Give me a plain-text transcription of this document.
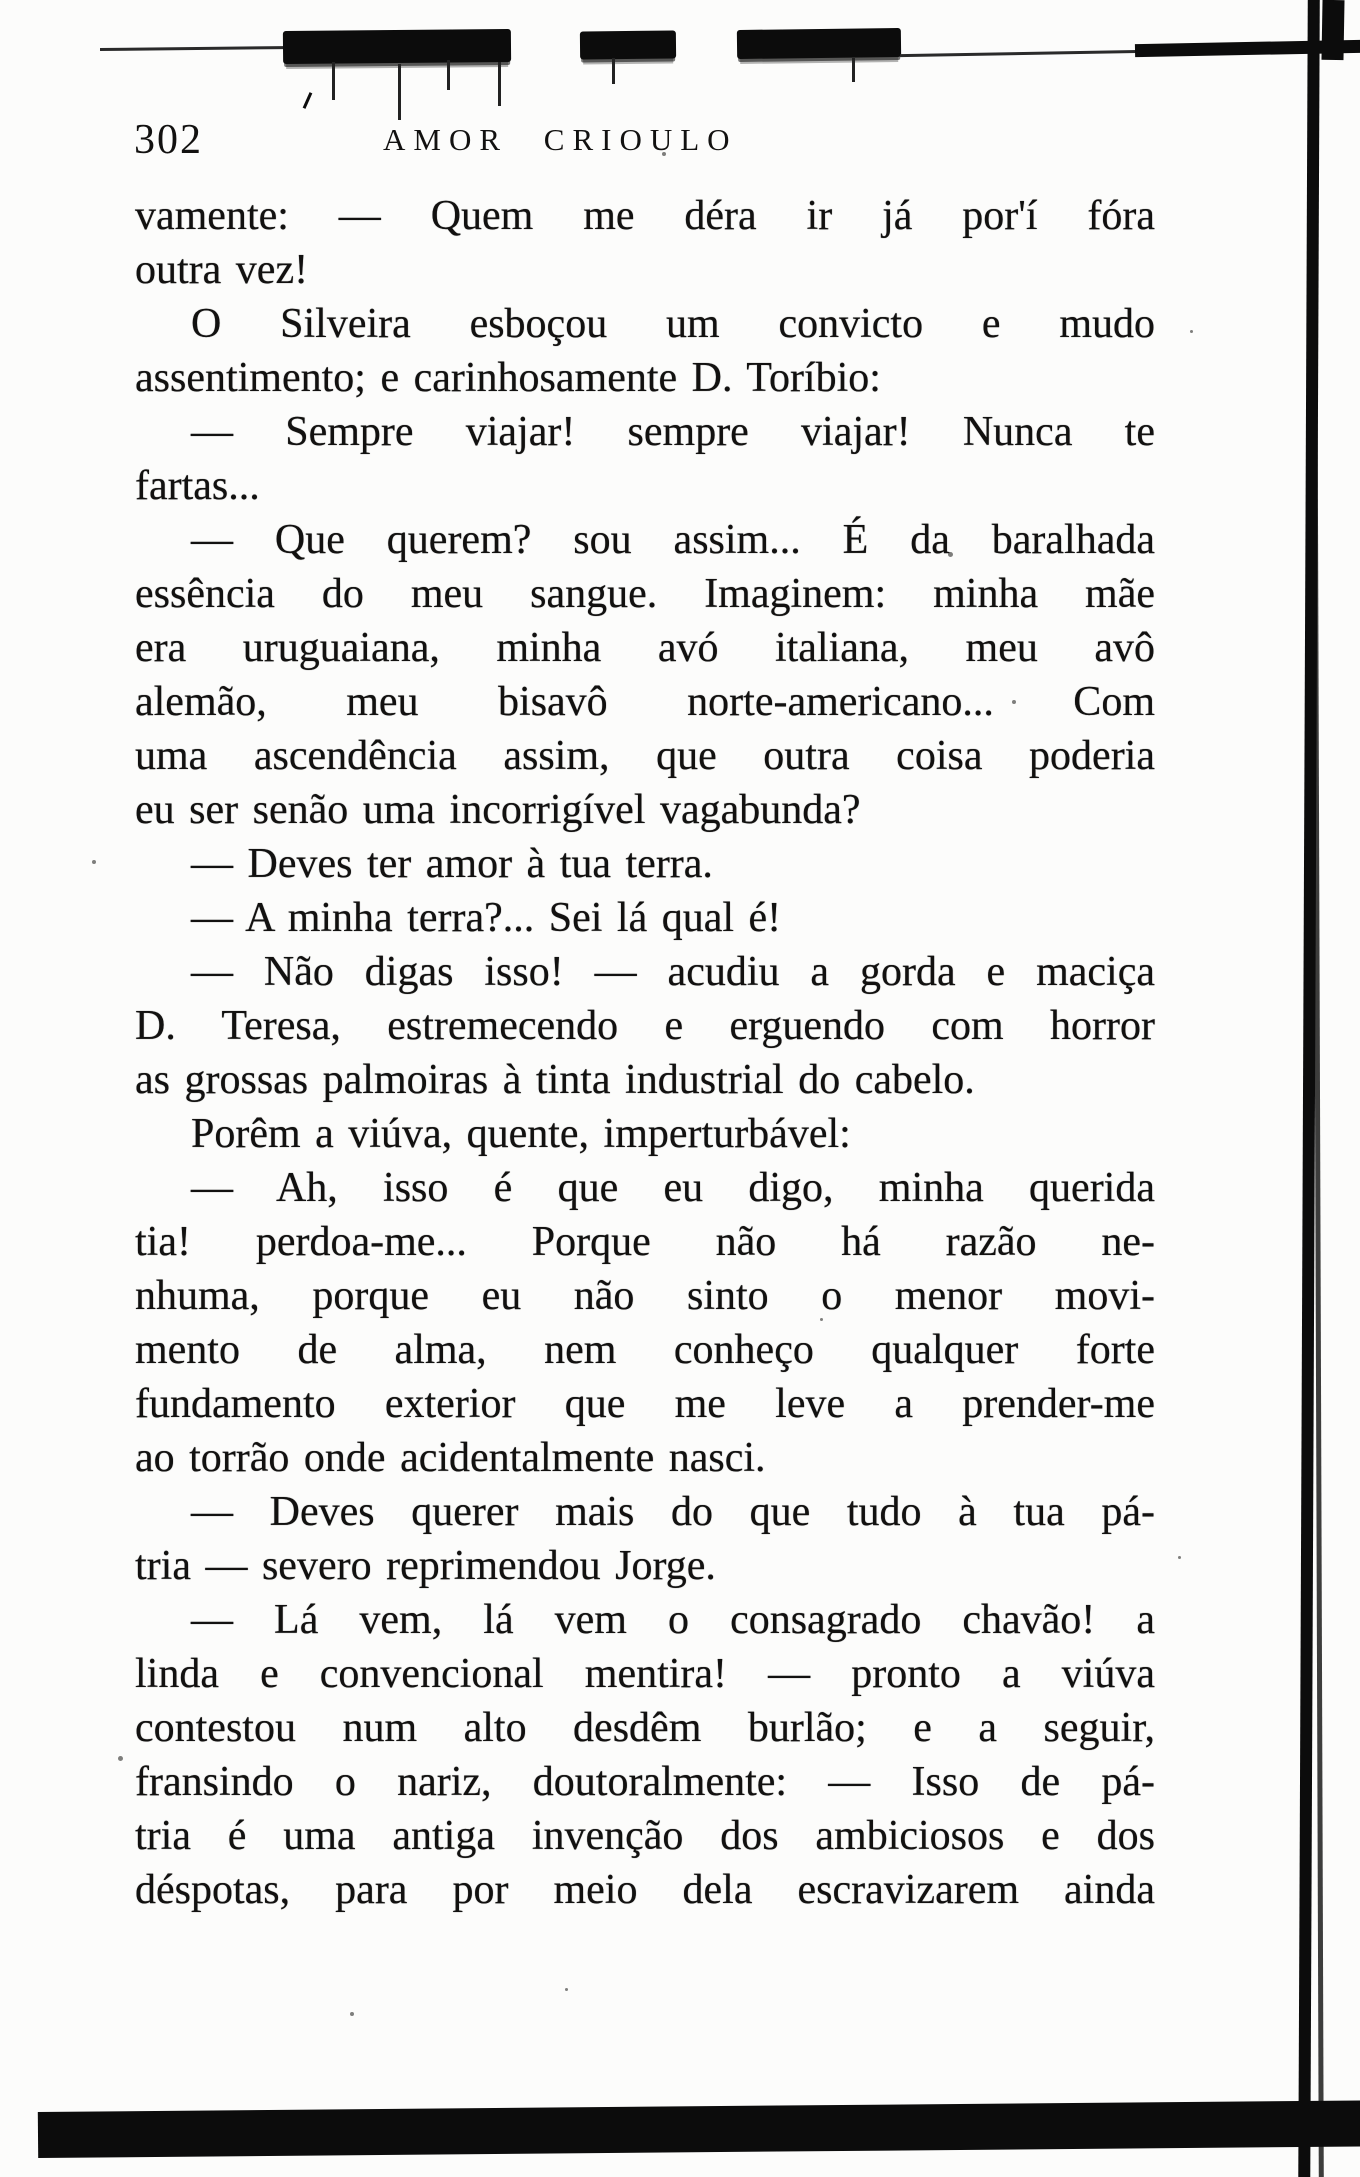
302	AMOR CRIOULO
vamente: — Quem me déra ir já por'í fóra
outra vez!
O Silveira esboçou um convicto e mudo
assentimento; e carinhosamente D. Toríbio:
— Sempre viajar! sempre viajar! Nunca te
fartas...
— Que querem? sou assim... É da baralhada
essência do meu sangue. Imaginem: minha mãe
era uruguaiana, minha avó italiana, meu avô
alemão, meu bisavô norte-americano... Com
uma ascendência assim, que outra coisa poderia
eu ser senão uma incorrigível vagabunda?
— Deves ter amor à tua terra.
— A minha terra?... Sei lá qual é!
— Não digas isso! — acudiu a gorda e maciça
D. Teresa, estremecendo e erguendo com horror
as grossas palmoiras à tinta industrial do cabelo.
Porêm a viúva, quente, imperturbável:
— Ah, isso é que eu digo, minha querida
tia! perdoa-me... Porque não há razão ne-
nhuma, porque eu não sinto o menor movi-
mento de alma, nem conheço qualquer forte
fundamento exterior que me leve a prender-me
ao torrão onde acidentalmente nasci.
— Deves querer mais do que tudo à tua pá-
tria — severo reprimendou Jorge.
— Lá vem, lá vem o consagrado chavão! a
linda e convencional mentira! — pronto a viúva
contestou num alto desdêm burlão; e a seguir,
fransindo o nariz, doutoralmente: — Isso de pá-
tria é uma antiga invenção dos ambiciosos e dos
déspotas, para por meio dela escravizarem ainda
